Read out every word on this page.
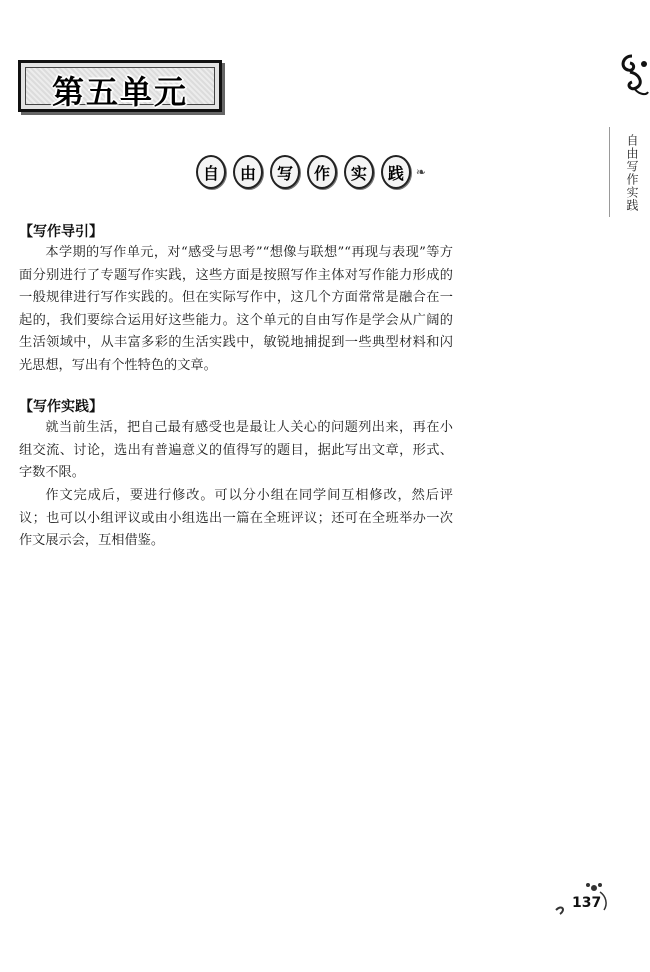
第五单元
自由写作实践
自	由	写	作	实	践 ❧
【写作导引】
本学期的写作单元，对“感受与思考”“想像与联想”“再现与表现”等方面分别进行了专题写作实践，这些方面是按照写作主体对写作能力形成的一般规律进行写作实践的。但在实际写作中，这几个方面常常是融合在一起的，我们要综合运用好这些能力。这个单元的自由写作是学会从广阔的生活领域中，从丰富多彩的生活实践中，敏锐地捕捉到一些典型材料和闪光思想，写出有个性特色的文章。
【写作实践】
就当前生活，把自己最有感受也是最让人关心的问题列出来，再在小组交流、讨论，选出有普遍意义的值得写的题目，据此写出文章，形式、字数不限。
作文完成后，要进行修改。可以分小组在同学间互相修改，然后评议；也可以小组评议或由小组选出一篇在全班评议；还可在全班举办一次作文展示会，互相借鉴。
137
